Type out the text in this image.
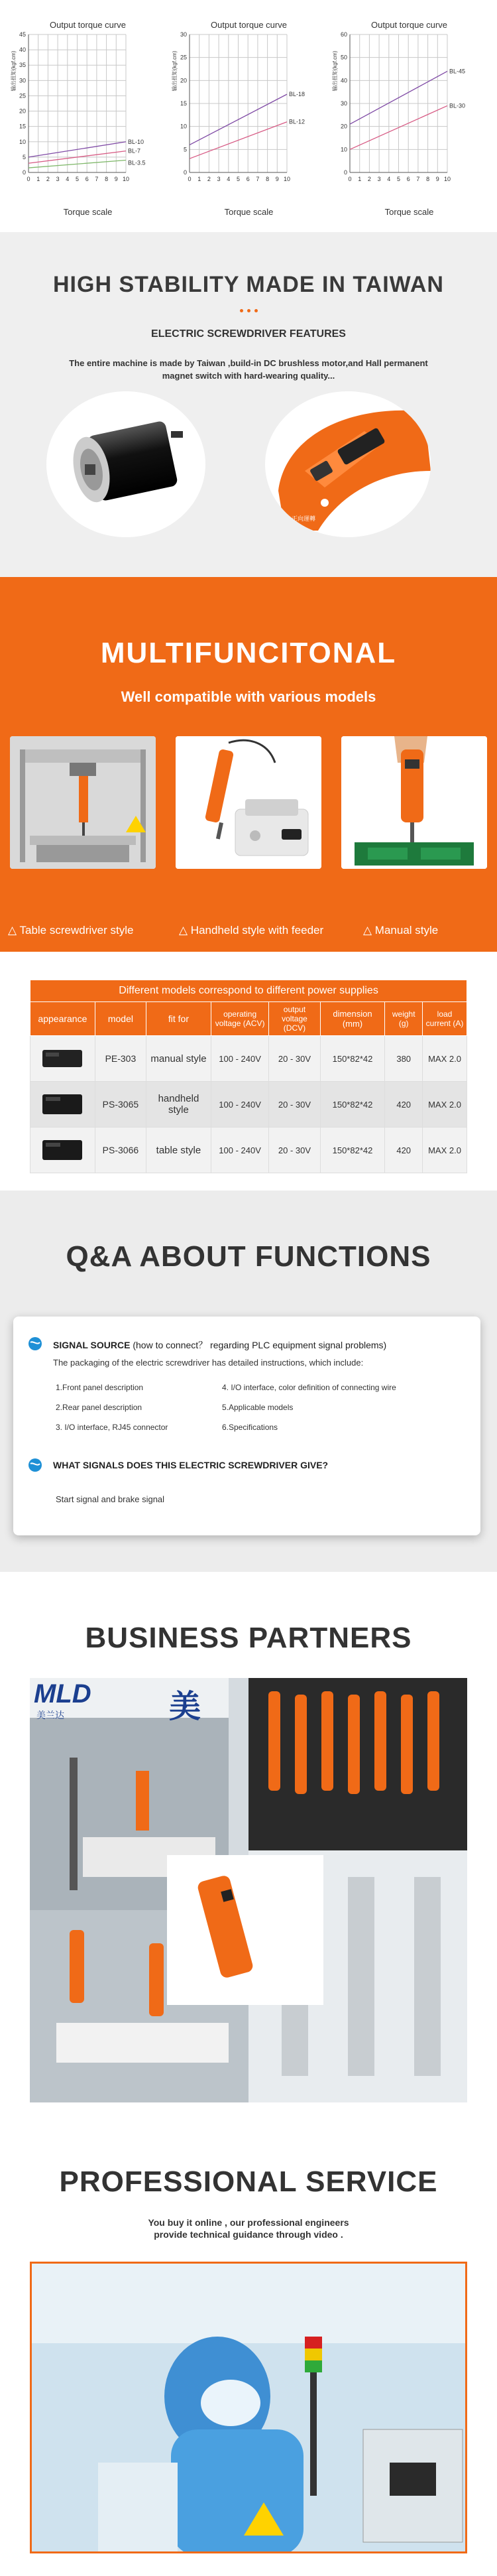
Output torque curve
0 1 2 3 4 5 6 7 8 9 10
0
5
10
15
20
25
30
35
40
45
输出扭矩(kgf.cm)
BL-10
BL-7
BL-3.5
Torque scale
Output torque curve
0 1 2 3 4 5 6 7 8 9 10
0
5
10
15
20
25
30
输出扭矩(kgf.cm)
BL-18
BL-12
Torque scale
Output torque curve
0 1 2 3 4 5 6 7 8 9 10
0
10
20
30
40
50
60
输出扭矩(kgf.cm)	BL-45
BL-30
Torque scale
HIGH STABILITY MADE IN TAIWAN
ELECTRIC SCREWDRIVER FEATURES
The entire machine is made by Taiwan ,build-in DC brushless motor,and Hall permanent magnet switch with hard-wearing quality...
正向運轉	反向運轉
MULTIFUNCITONAL
Well compatible with various models
△ Table screwdriver style	△ Handheld style with feeder	△ Manual style
Different models correspond to different power supplies							
appearance	model	fit for	operating voltage (ACV)	output voltage (DCV)	dimension (mm)	weight (g)	load current (A)
	PE-303	manual style	100 - 240V	20 - 30V	150*82*42	380	MAX 2.0
	PS-3065	handheld style	100 - 240V	20 - 30V	150*82*42	420	MAX 2.0
	PS-3066	table style	100 - 240V	20 - 30V	150*82*42	420	MAX 2.0
Q&A ABOUT FUNCTIONS
SIGNAL SOURCE (how to connect？ regarding PLC equipment signal problems)
The packaging of the electric screwdriver has detailed instructions, which include:
1.Front panel description
2.Rear panel description
3. I/O interface, RJ45 connector
4. I/O interface, color definition of connecting wire
5.Applicable models
6.Specifications
WHAT SIGNALS DOES THIS ELECTRIC SCREWDRIVER GIVE?
Start signal and brake signal
BUSINESS PARTNERS
MLD
美兰达	美
PROFESSIONAL SERVICE
You buy it online , our professional engineers provide technical guidance through video .
